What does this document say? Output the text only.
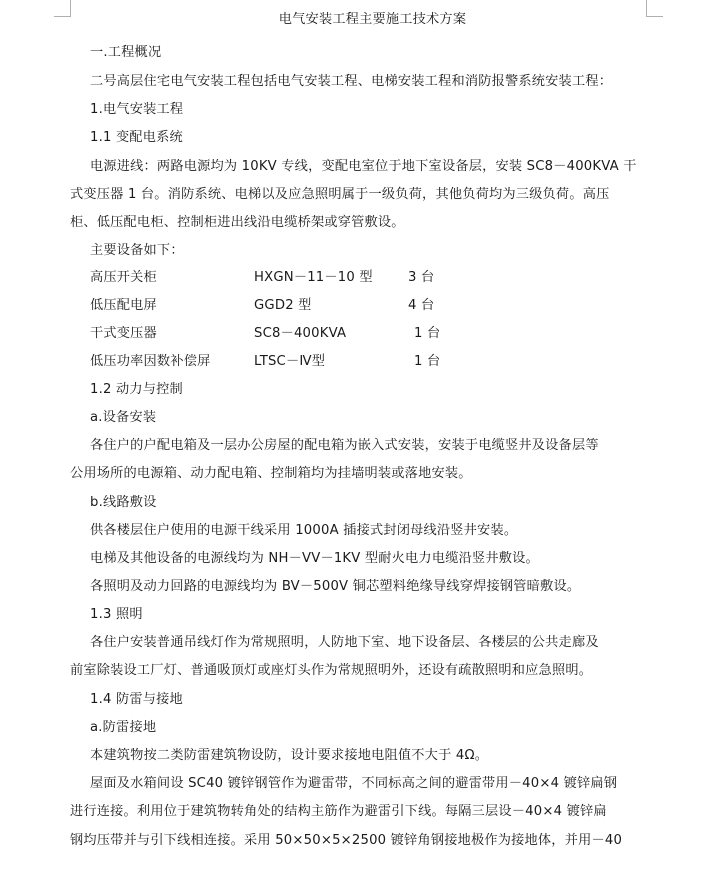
电气安装工程主要施工技术方案
一.工程概况
二号高层住宅电气安装工程包括电气安装工程、电梯安装工程和消防报警系统安装工程：
1.电气安装工程
1.1 变配电系统
电源进线：两路电源均为 10KV 专线，变配电室位于地下室设备层，安装 SC8－400KVA 干
式变压器 1 台。消防系统、电梯以及应急照明属于一级负荷，其他负荷均为三级负荷。高压
柜、低压配电柜、控制柜进出线沿电缆桥架或穿管敷设。
主要设备如下：
高压开关柜	HXGN－11－10 型	3 台
低压配电屏	GGD2 型	4 台
干式变压器	SC8－400KVA	1 台
低压功率因数补偿屏	LTSC－Ⅳ型	1 台
1.2 动力与控制
a.设备安装
各住户的户配电箱及一层办公房屋的配电箱为嵌入式安装，安装于电缆竖井及设备层等
公用场所的电源箱、动力配电箱、控制箱均为挂墙明装或落地安装。
b.线路敷设
供各楼层住户使用的电源干线采用 1000A 插接式封闭母线沿竖井安装。
电梯及其他设备的电源线均为 NH－VV－1KV 型耐火电力电缆沿竖井敷设。
各照明及动力回路的电源线均为 BV－500V 铜芯塑料绝缘导线穿焊接钢管暗敷设。
1.3 照明
各住户安装普通吊线灯作为常规照明，人防地下室、地下设备层、各楼层的公共走廊及
前室除装设工厂灯、普通吸顶灯或座灯头作为常规照明外，还设有疏散照明和应急照明。
1.4 防雷与接地
a.防雷接地
本建筑物按二类防雷建筑物设防，设计要求接地电阻值不大于 4Ω。
屋面及水箱间设 SC40 镀锌钢管作为避雷带，不同标高之间的避雷带用－40×4 镀锌扁钢
进行连接。利用位于建筑物转角处的结构主筋作为避雷引下线。每隔三层设－40×4 镀锌扁
钢均压带并与引下线相连接。采用 50×50×5×2500 镀锌角钢接地极作为接地体，并用－40
